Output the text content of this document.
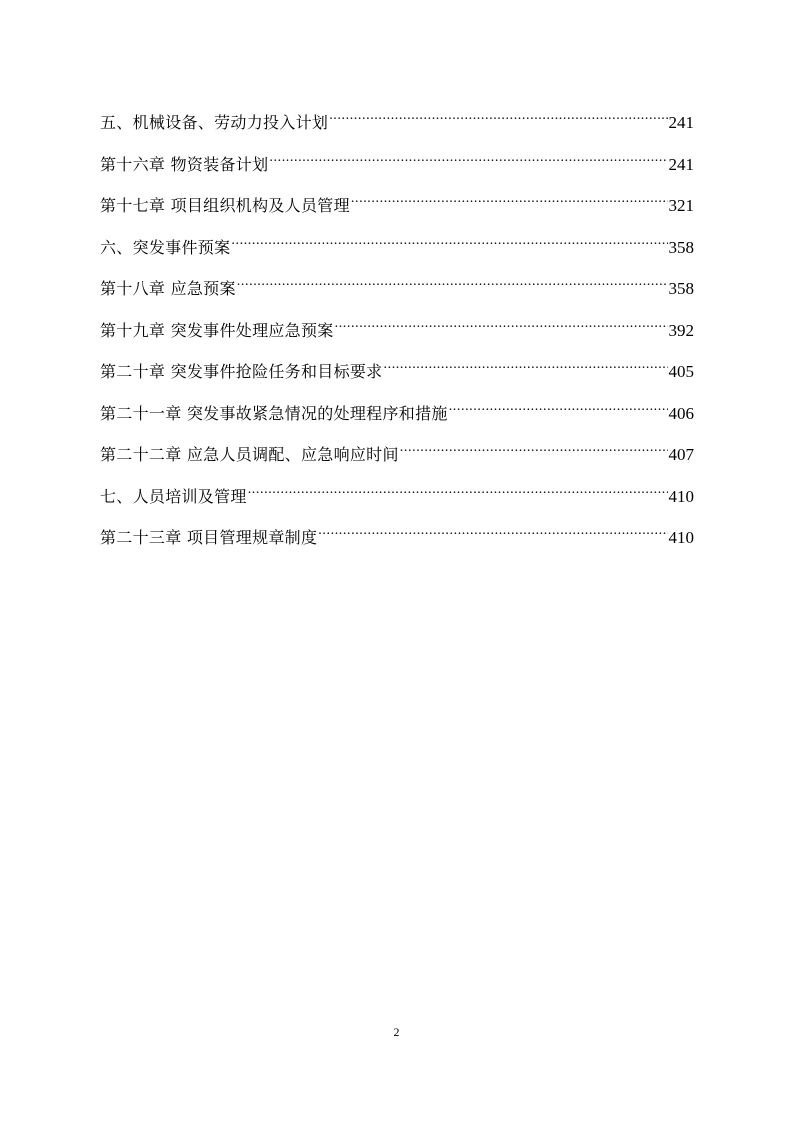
五、机械设备、劳动力投入计划 .....	241
第十六章 物资装备计划 .....	241
第十七章 项目组织机构及人员管理 .....	321
六、突发事件预案 .....	358
第十八章 应急预案 .....	358
第十九章 突发事件处理应急预案 .....	392
第二十章 突发事件抢险任务和目标要求 .....	405
第二十一章 突发事故紧急情况的处理程序和措施 .....	406
第二十二章 应急人员调配、应急响应时间 .....	407
七、人员培训及管理 .....	410
第二十三章 项目管理规章制度 .....	410
2
